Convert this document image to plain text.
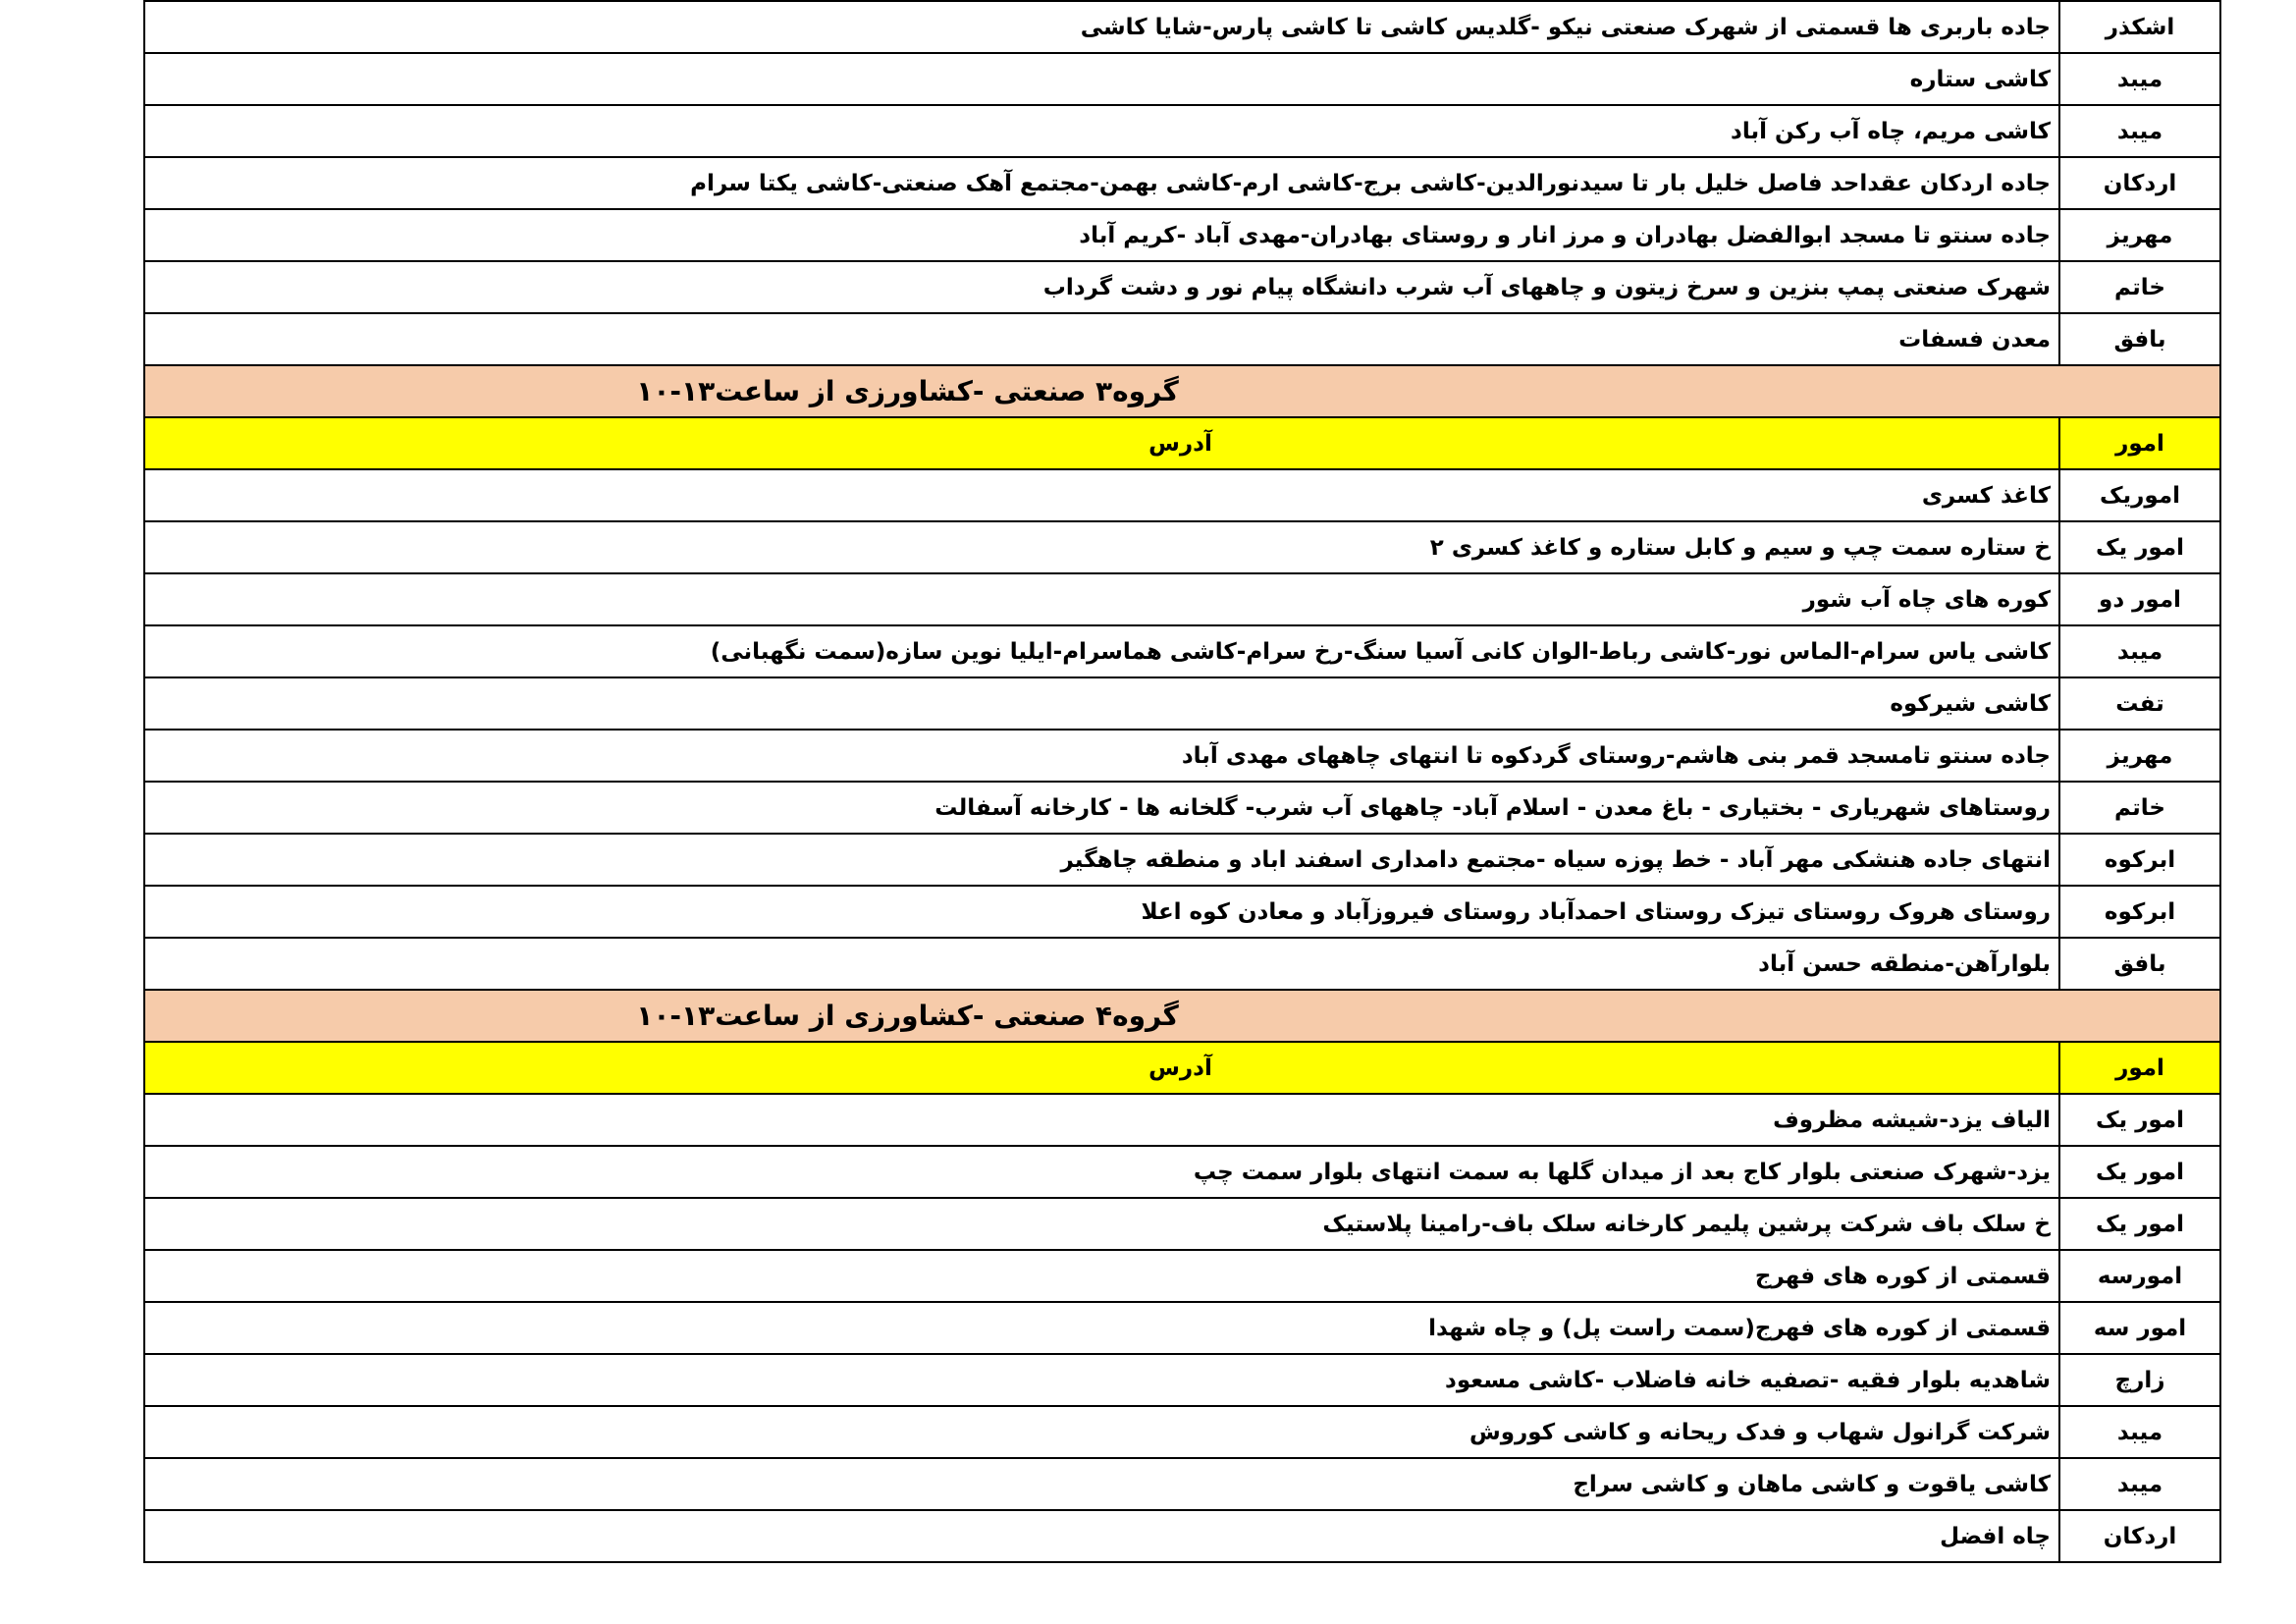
اشکذر	جاده باربری ها قسمتی از شهرک صنعتی نیکو -گلدیس کاشی تا کاشی پارس-شایا کاشی
میبد	کاشی ستاره
میبد	کاشی مریم، چاه آب رکن آباد
اردکان	جاده اردکان عقداحد فاصل خلیل بار تا سیدنورالدین-کاشی برج-کاشی ارم-کاشی بهمن-مجتمع آهک صنعتی-کاشی یکتا سرام
مهریز	جاده سنتو تا مسجد ابوالفضل بهادران و مرز انار و روستای بهادران-مهدی آباد -کریم آباد
خاتم	شهرک صنعتی پمپ بنزین و سرخ زیتون و چاههای آب شرب دانشگاه پیام نور و دشت گرداب
بافق	معدن فسفات
گروه۳ صنعتی -کشاورزی از ساعت۱۳-۱۰	
امور	آدرس
اموریک	کاغذ کسری
امور یک	خ ستاره سمت چپ و سیم و کابل ستاره و کاغذ کسری ۲
امور دو	کوره های چاه آب شور
میبد	کاشی یاس سرام-الماس نور-کاشی رباط-الوان کانی آسیا سنگ-رخ سرام-کاشی هماسرام-ایلیا نوین سازه(سمت نگهبانی)
تفت	کاشی شیرکوه
مهریز	جاده سنتو تامسجد قمر بنی هاشم-روستای گردکوه تا انتهای چاههای مهدی آباد
خاتم	روستاهای شهریاری - بختیاری - باغ معدن - اسلام آباد- چاههای آب شرب- گلخانه ها - کارخانه آسفالت
ابرکوه	انتهای جاده هنشکی مهر آباد - خط پوزه سیاه -مجتمع دامداری اسفند اباد و منطقه چاهگیر
ابرکوه	روستای هروک روستای تیزک روستای احمدآباد روستای فیروزآباد و معادن کوه اعلا
بافق	بلوارآهن-منطقه حسن آباد
گروه۴ صنعتی -کشاورزی از ساعت۱۳-۱۰	
امور	آدرس
امور یک	الیاف یزد-شیشه مظروف
امور یک	یزد-شهرک صنعتی بلوار کاج بعد از میدان گلها به سمت انتهای بلوار سمت چپ
امور یک	خ سلک باف شرکت پرشین پلیمر کارخانه سلک باف-رامینا پلاستیک
امورسه	قسمتی از کوره های فهرج
امور سه	قسمتی از کوره های فهرج(سمت راست پل) و چاه شهدا
زارچ	شاهدیه بلوار فقیه -تصفیه خانه فاضلاب -کاشی مسعود
میبد	شرکت گرانول شهاب و فدک ریحانه و کاشی کوروش
میبد	کاشی یاقوت و کاشی ماهان و کاشی سراج
اردکان	چاه افضل
